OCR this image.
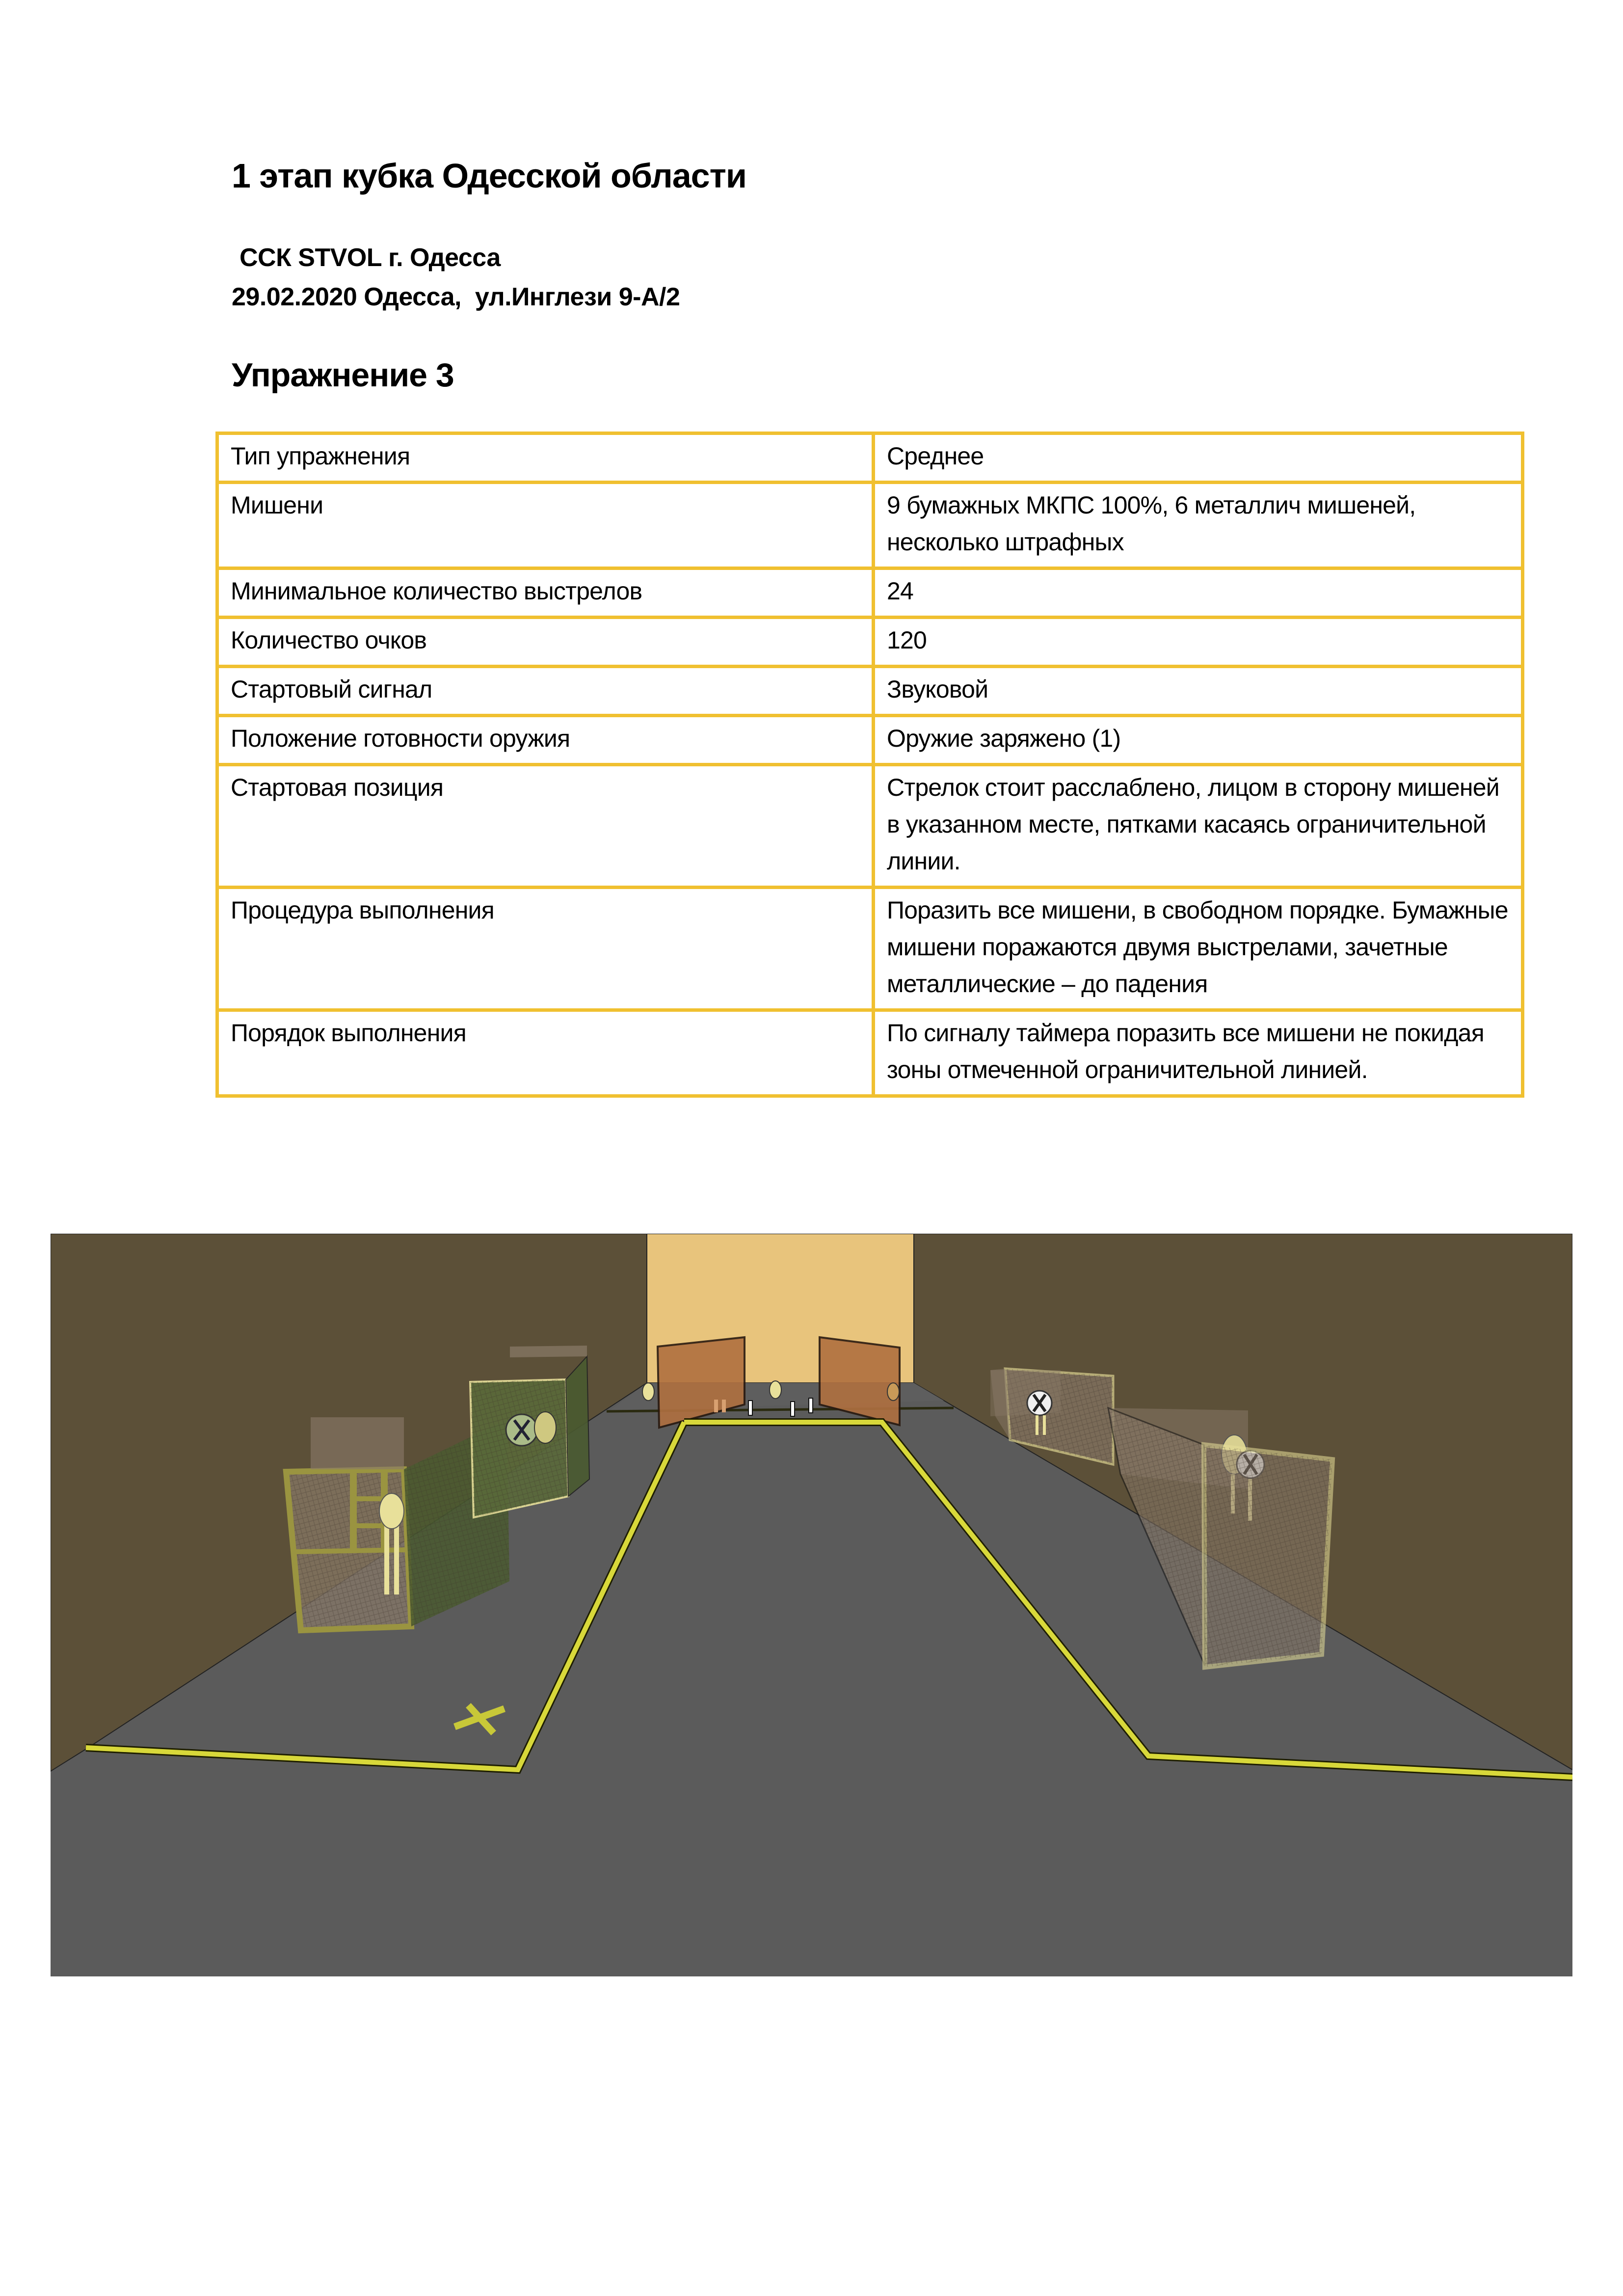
1 этап кубка Одесской области

ССК STVOL г. Одесса

29.02.2020 Одесса,  ул.Инглези 9-А/2

Упражнение 3
Тип упражнения	Среднее
Мишени	9 бумажных МКПС 100%, 6 металлич мишеней, несколько штрафных
Минимальное количество выстрелов	24
Количество очков	120
Стартовый сигнал	Звуковой
Положение готовности оружия	Оружие заряжено (1)
Стартовая позиция	Стрелок стоит расслаблено, лицом в сторону мишеней в указанном месте, пятками касаясь ограничительной линии.
Процедура выполнения	Поразить все мишени, в свободном порядке. Бумажные мишени поражаются двумя выстрелами, зачетные металлические – до падения
Порядок выполнения	По сигналу таймера поразить все мишени не покидая зоны отмеченной ограничительной линией.
